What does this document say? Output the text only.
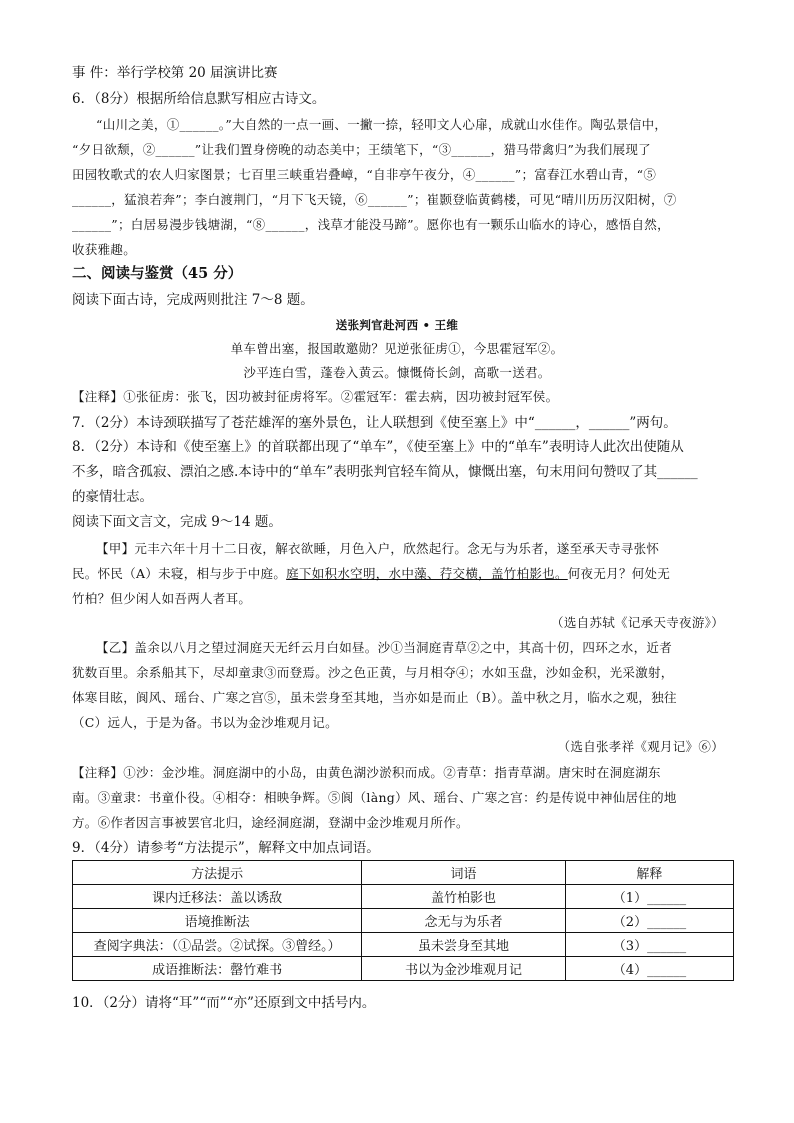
事 件：举行学校第 20 届演讲比赛
6．（8分）根据所给信息默写相应古诗文。
“山川之美，①______。”大自然的一点一画、一撇一捺，轻叩文人心扉，成就山水佳作。陶弘景信中，
“夕日欲颓，②______”让我们置身傍晚的动态美中；王绩笔下，“③______，猎马带禽归”为我们展现了
田园牧歌式的农人归家图景；七百里三峡重岩叠嶂，“自非亭午夜分，④______”；富春江水碧山青，“⑤
______，猛浪若奔”；李白渡荆门，“月下飞天镜，⑥______”；崔颢登临黄鹤楼，可见“晴川历历汉阳树，⑦
______”；白居易漫步钱塘湖，“⑧______，浅草才能没马蹄”。愿你也有一颗乐山临水的诗心，感悟自然，
收获雅趣。
二、阅读与鉴赏（45 分）
阅读下面古诗，完成两则批注 7～8 题。
送张判官赴河西 • 王维
单车曾出塞，报国敢邀勋？见逆张征虏①，今思霍冠军②。
沙平连白雪，蓬卷入黄云。慷慨倚长剑，高歌一送君。
【注释】①张征虏：张飞，因功被封征虏将军。②霍冠军：霍去病，因功被封冠军侯。
7．（2分）本诗颈联描写了苍茫雄浑的塞外景色，让人联想到《使至塞上》中“______，______”两句。
8．（2分）本诗和《使至塞上》的首联都出现了“单车”，《使至塞上》中的“单车”表明诗人此次出使随从
不多，暗含孤寂、漂泊之感.本诗中的“单车”表明张判官轻车简从，慷慨出塞，句末用问句赞叹了其______
的豪情壮志。
阅读下面文言文，完成 9～14 题。
【甲】元丰六年十月十二日夜，解衣欲睡，月色入户，欣然起行。念无与为乐者，遂至承天寺寻张怀
民。怀民（A）未寝，相与步于中庭。庭下如积水空明，水中藻、荇交横，盖竹柏影也。何夜无月？何处无
竹柏？但少闲人如吾两人者耳。
（选自苏轼《记承天寺夜游》）
【乙】盖余以八月之望过洞庭天无纤云月白如昼。沙①当洞庭青草②之中，其高十仞，四环之水，近者
犹数百里。余系船其下，尽却童隶③而登焉。沙之色正黄，与月相夺④；水如玉盘，沙如金积，光采激射，
体寒目眩，阆风、瑶台、广寒之宫⑤，虽未尝身至其地，当亦如是而止（B）。盖中秋之月，临水之观，独往
（C）远人，于是为备。书以为金沙堆观月记。
（选自张孝祥《观月记》⑥）
【注释】①沙：金沙堆。洞庭湖中的小岛，由黄色湖沙淤积而成。②青草：指青草湖。唐宋时在洞庭湖东
南。③童隶：书童仆役。④相夺：相映争辉。⑤阆（làng）风、瑶台、广寒之宫：约是传说中神仙居住的地
方。⑥作者因言事被罢官北归，途经洞庭湖，登湖中金沙堆观月所作。
9．（4分）请参考“方法提示”，解释文中加点词语。
方法提示	词语	解释
课内迁移法：盖以诱敌	盖竹柏影也	（1）______
语境推断法	念无与为乐者	（2）______
查阅字典法：（①品尝。②试探。③曾经。）	虽未尝身至其地	（3）______
成语推断法：罄竹难书	书以为金沙堆观月记	（4）______
10．（2分）请将“耳”“而”“亦”还原到文中括号内。
